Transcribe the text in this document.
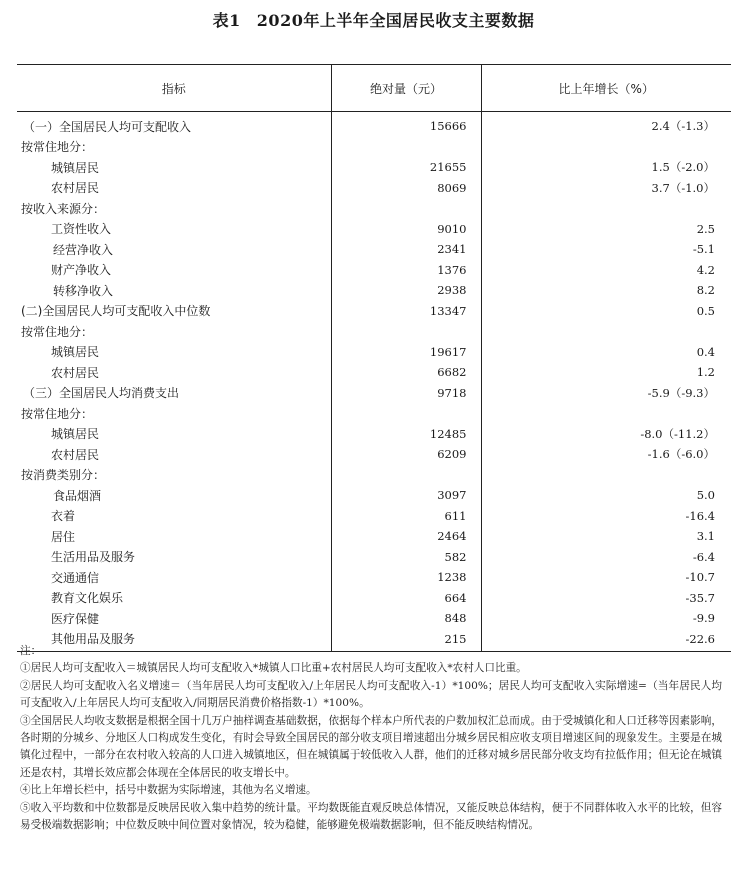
表1 2020年上半年全国居民收支主要数据
指标	绝对量（元）	比上年增长（%）
（一）全国居民人均可支配收入	15666	2.4（-1.3）
按常住地分：		
城镇居民	21655	1.5（-2.0）
农村居民	8069	3.7（-1.0）
按收入来源分：		
工资性收入	9010	2.5
经营净收入	2341	-5.1
财产净收入	1376	4.2
转移净收入	2938	8.2
(二)全国居民人均可支配收入中位数	13347	0.5
按常住地分：		
城镇居民	19617	0.4
农村居民	6682	1.2
（三）全国居民人均消费支出	9718	-5.9（-9.3）
按常住地分：		
城镇居民	12485	-8.0（-11.2）
农村居民	6209	-1.6（-6.0）
按消费类别分：		
食品烟酒	3097	5.0
衣着	611	-16.4
居住	2464	3.1
生活用品及服务	582	-6.4
交通通信	1238	-10.7
教育文化娱乐	664	-35.7
医疗保健	848	-9.9
其他用品及服务	215	-22.6

注：

①居民人均可支配收入＝城镇居民人均可支配收入*城镇人口比重+农村居民人均可支配收入*农村人口比重。

②居民人均可支配收入名义增速＝（当年居民人均可支配收入/上年居民人均可支配收入-1）*100%；居民人均可支配收入实际增速=（当年居民人均可支配收入/上年居民人均可支配收入/同期居民消费价格指数-1）*100%。

③全国居民人均收支数据是根据全国十几万户抽样调查基础数据，依据每个样本户所代表的户数加权汇总而成。由于受城镇化和人口迁移等因素影响，各时期的分城乡、分地区人口构成发生变化，有时会导致全国居民的部分收支项目增速超出分城乡居民相应收支项目增速区间的现象发生。主要是在城镇化过程中，一部分在农村收入较高的人口进入城镇地区，但在城镇属于较低收入人群，他们的迁移对城乡居民部分收支均有拉低作用；但无论在城镇还是农村，其增长效应都会体现在全体居民的收支增长中。

④比上年增长栏中，括号中数据为实际增速，其他为名义增速。

⑤收入平均数和中位数都是反映居民收入集中趋势的统计量。平均数既能直观反映总体情况，又能反映总体结构，便于不同群体收入水平的比较，但容易受极端数据影响；中位数反映中间位置对象情况，较为稳健，能够避免极端数据影响，但不能反映结构情况。
